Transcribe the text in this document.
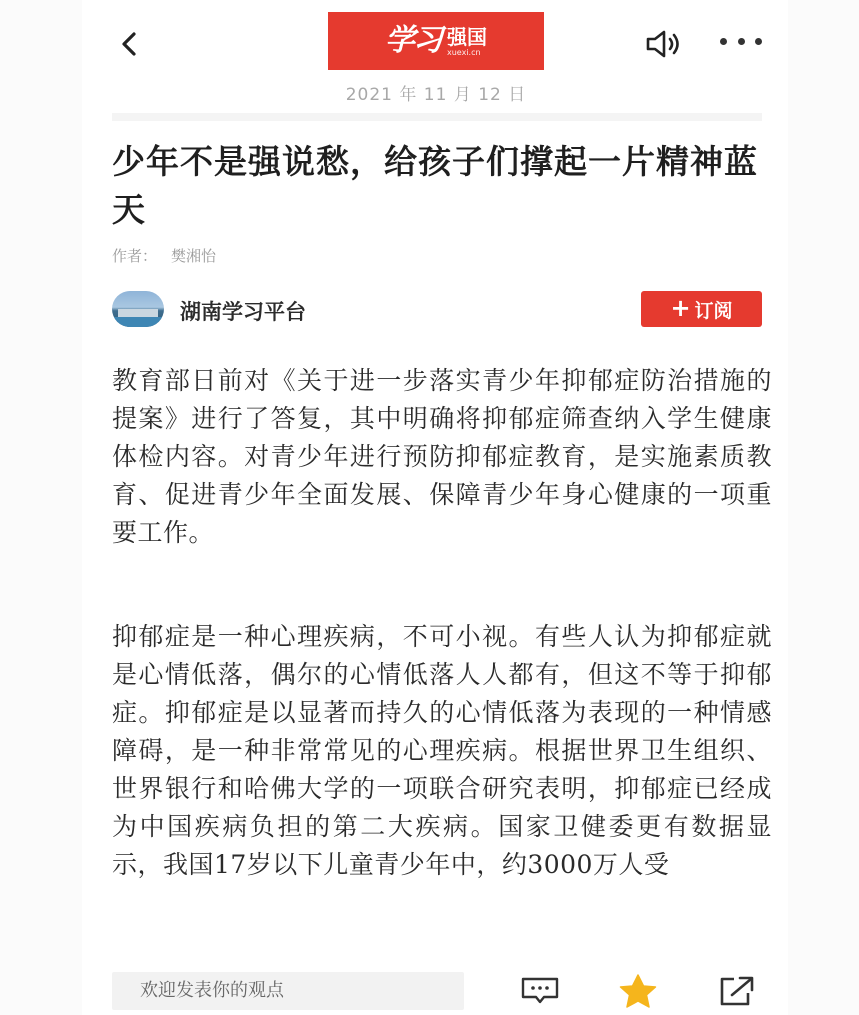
学习 强国
xuexi.cn
2021 年 11 月 12 日
少年不是强说愁，给孩子们撑起一片精神蓝天
作者： 樊湘怡
湖南学习平台	+ 订阅
教育部日前对《关于进一步落实青少年抑郁症防治措施的提案》进行了答复，其中明确将抑郁症筛查纳入学生健康体检内容。对青少年进行预防抑郁症教育，是实施素质教育、促进青少年全面发展、保障青少年身心健康的一项重要工作。
抑郁症是一种心理疾病，不可小视。有些人认为抑郁症就是心情低落，偶尔的心情低落人人都有，但这不等于抑郁症。抑郁症是以显著而持久的心情低落为表现的一种情感障碍，是一种非常常见的心理疾病。根据世界卫生组织、世界银行和哈佛大学的一项联合研究表明，抑郁症已经成为中国疾病负担的第二大疾病。国家卫健委更有数据显示，我国17岁以下儿童青少年中，约3000万人受
欢迎发表你的观点
